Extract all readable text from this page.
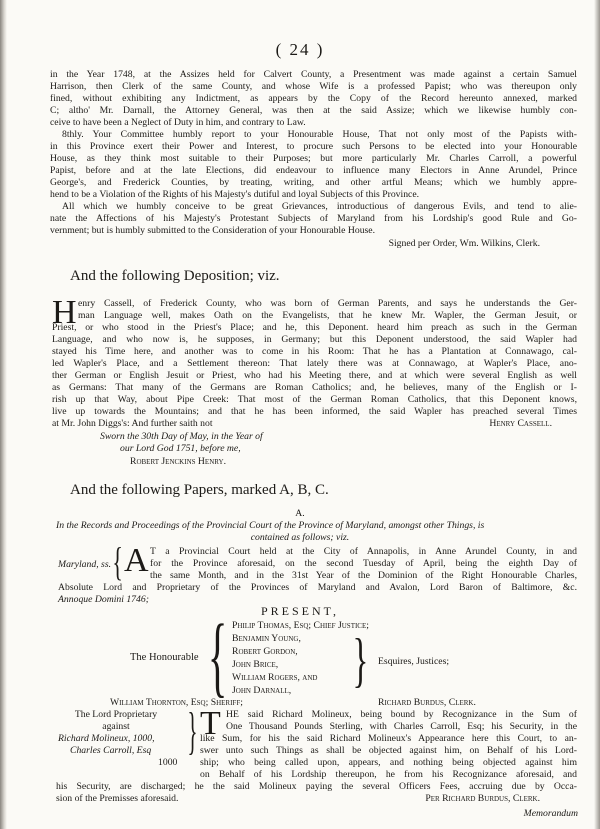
( 24 )
in the Year 1748, at the Assizes held for Calvert County, a Presentment was made against a certain Samuel
Harrison, then Clerk of the same County, and whose Wife is a professed Papist; who was thereupon only
fined, without exhibiting any Indictment, as appears by the Copy of the Record hereunto annexed, marked
C; altho' Mr. Darnall, the Attorney General, was then at the said Assize; which we likewise humbly con-
ceive to have been a Neglect of Duty in him, and contrary to Law.
8thly. Your Committee humbly report to your Honourable House, That not only most of the Papists with-
in this Province exert their Power and Interest, to procure such Persons to be elected into your Honourable
House, as they think most suitable to their Purposes; but more particularly Mr. Charles Carroll, a powerful
Papist, before and at the late Elections, did endeavour to influence many Electors in Anne Arundel, Prince
George's, and Frederick Counties, by treating, writing, and other artful Means; which we humbly appre-
hend to be a Violation of the Rights of his Majesty's dutiful and loyal Subjects of this Province.
All which we humbly conceive to be great Grievances, introductious of dangerous Evils, and tend to alie-
nate the Affections of his Majesty's Protestant Subjects of Maryland from his Lordship's good Rule and Go-
vernment; but is humbly submitted to the Consideration of your Honourable House.
Signed per Order, Wm. Wilkins, Clerk.
And the following Deposition; viz.
H enry Cassell, of Frederick County, who was born of German Parents, and says he understands the Ger-
man Language well, makes Oath on the Evangelists, that he knew Mr. Wapler, the German Jesuit, or
Priest, or who stood in the Priest's Place; and he, this Deponent. heard him preach as such in the German
Language, and who now is, he supposes, in Germany; but this Deponent understood, the said Wapler had
stayed his Time here, and another was to come in his Room: That he has a Plantation at Connawago, cal-
led Wapler's Place, and a Settlement thereon: That lately there was at Connawago, at Wapler's Place, ano-
ther German or English Jesuit or Priest, who had his Meeting there, and at which were several English as well
as Germans: That many of the Germans are Roman Catholics; and, he believes, many of the English or I-
rish up that Way, about Pipe Creek: That most of the German Roman Catholics, that this Deponent knows,
live up towards the Mountains; and that he has been informed, the said Wapler has preached several Times
at Mr. John Diggs's: And further saith not	Henry Cassell.
Sworn the 30th Day of May, in the Year of
our Lord God 1751, before me,
Robert Jenckins Henry.
And the following Papers, marked A, B, C.
A.
In the Records and Proceedings of the Provincial Court of the Province of Maryland, amongst other Things, is
contained as follows; viz.
Maryland, ss. { A T a Provincial Court held at the City of Annapolis, in Anne Arundel County, in and
for the Province aforesaid, on the second Tuesday of April, being the eighth Day of
the same Month, and in the 31st Year of the Dominion of the Right Honourable Charles,
Absolute Lord and Proprietary of the Provinces of Maryland and Avalon, Lord Baron of Baltimore, &c.
Annoque Domini 1746;
PRESENT,
The Honourable { Philip Thomas, Esq; Chief Justice;
Benjamin Young,
Robert Gordon,
John Brice,
William Rogers, and
John Darnall, } Esquires, Justices;
William Thornton, Esq; Sheriff;	Richard Burdus, Clerk.
The Lord Proprietary
against
Richard Molineux, 1000,
Charles Carroll, Esq
1000
} T HE said Richard Molineux, being bound by Recognizance in the Sum of
One Thousand Pounds Sterling, with Charles Carroll, Esq; his Security, in the
like Sum, for his the said Richard Molineux's Appearance here this Court, to an-
swer unto such Things as shall be objected against him, on Behalf of his Lord-
ship; who being called upon, appears, and nothing being objected against him
on Behalf of his Lordship thereupon, he from his Recognizance aforesaid, and
his Security, are discharged; he the said Molineux paying the several Officers Fees, accruing due by Occa-
sion of the Premisses aforesaid.	Per Richard Burdus, Clerk.
Memorandum
